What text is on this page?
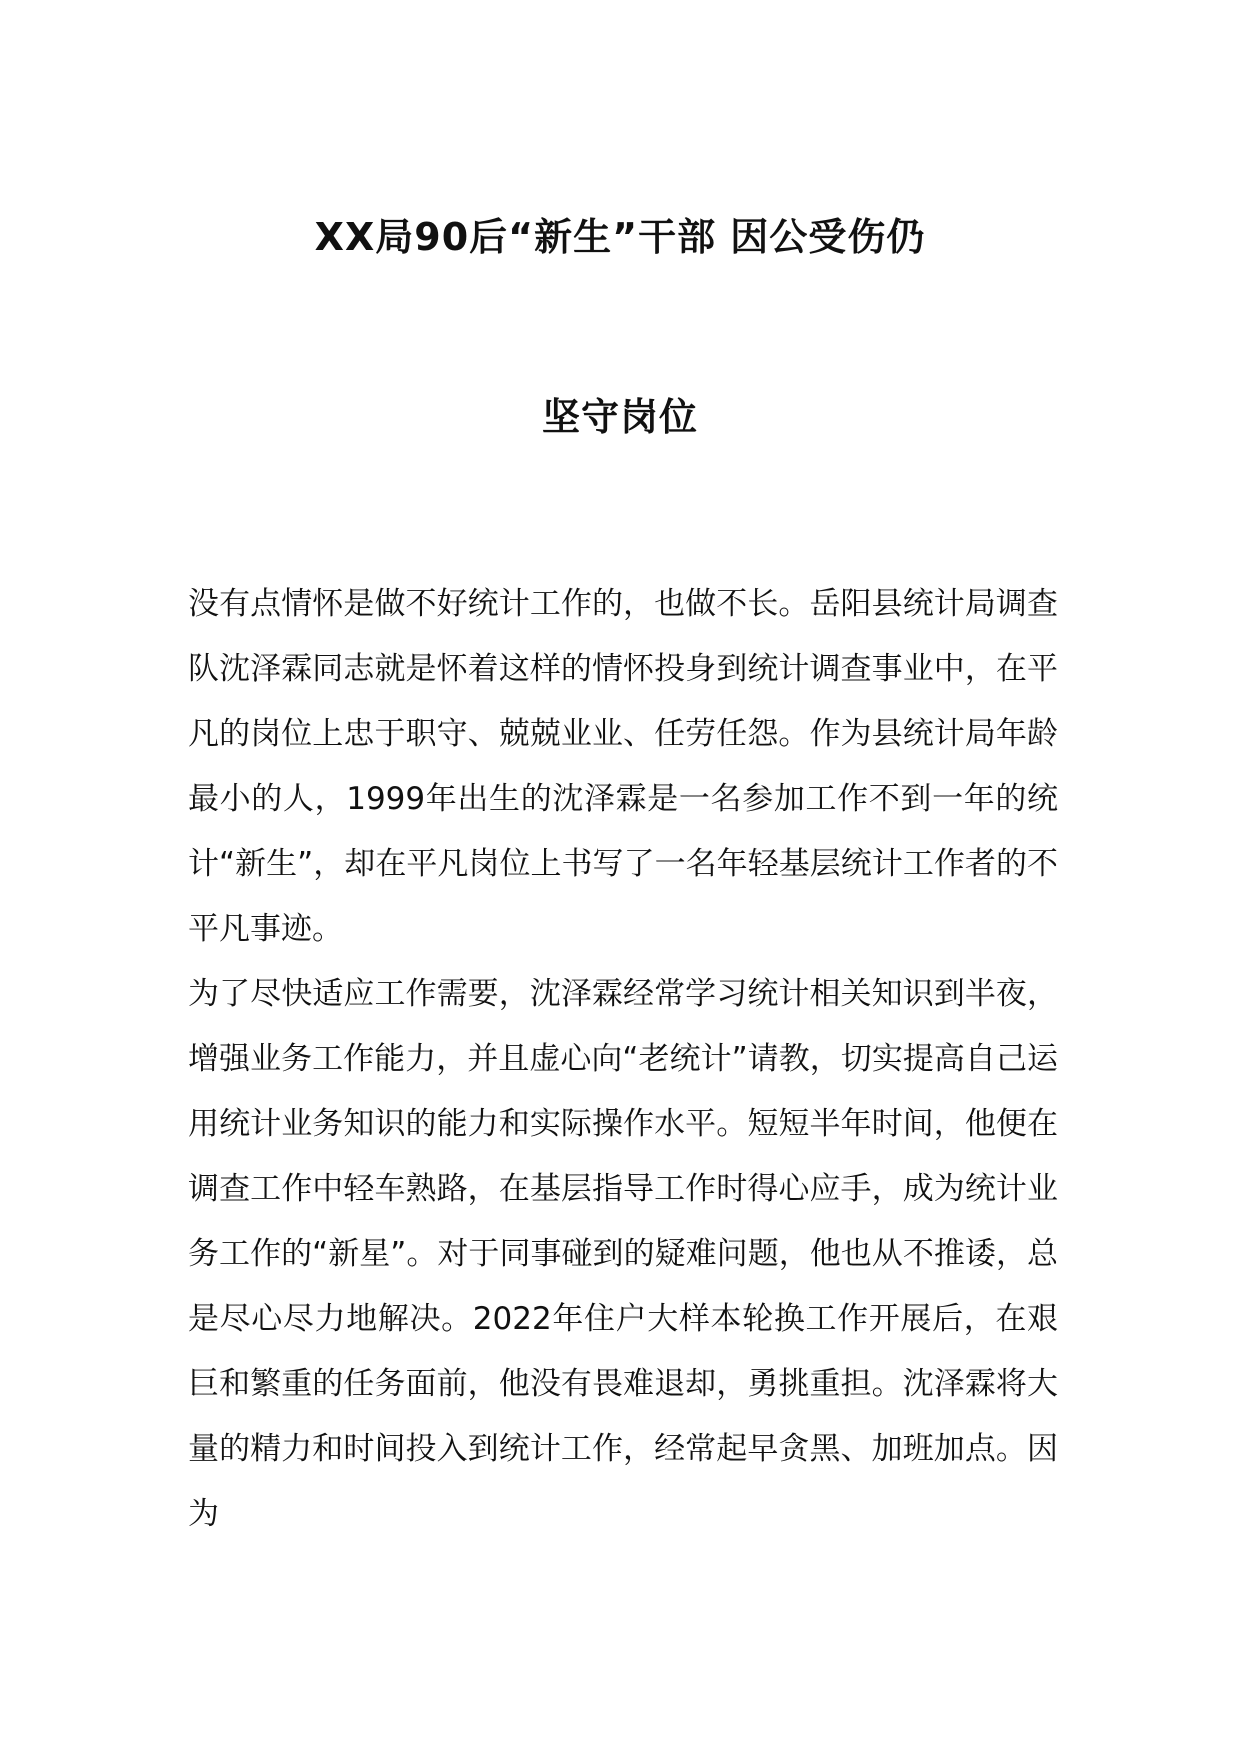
XX局90后“新生”干部 因公受伤仍

坚守岗位

没有点情怀是做不好统计工作的，也做不长。岳阳县统计局调查队沈泽霖同志就是怀着这样的情怀投身到统计调查事业中，在平凡的岗位上忠于职守、兢兢业业、任劳任怨。作为县统计局年龄最小的人，1999年出生的沈泽霖是一名参加工作不到一年的统计“新生”，却在平凡岗位上书写了一名年轻基层统计工作者的不平凡事迹。

为了尽快适应工作需要，沈泽霖经常学习统计相关知识到半夜，增强业务工作能力，并且虚心向“老统计”请教，切实提高自己运用统计业务知识的能力和实际操作水平。短短半年时间，他便在调查工作中轻车熟路，在基层指导工作时得心应手，成为统计业务工作的“新星”。对于同事碰到的疑难问题，他也从不推诿，总是尽心尽力地解决。2022年住户大样本轮换工作开展后，在艰巨和繁重的任务面前，他没有畏难退却，勇挑重担。沈泽霖将大量的精力和时间投入到统计工作，经常起早贪黑、加班加点。因为
